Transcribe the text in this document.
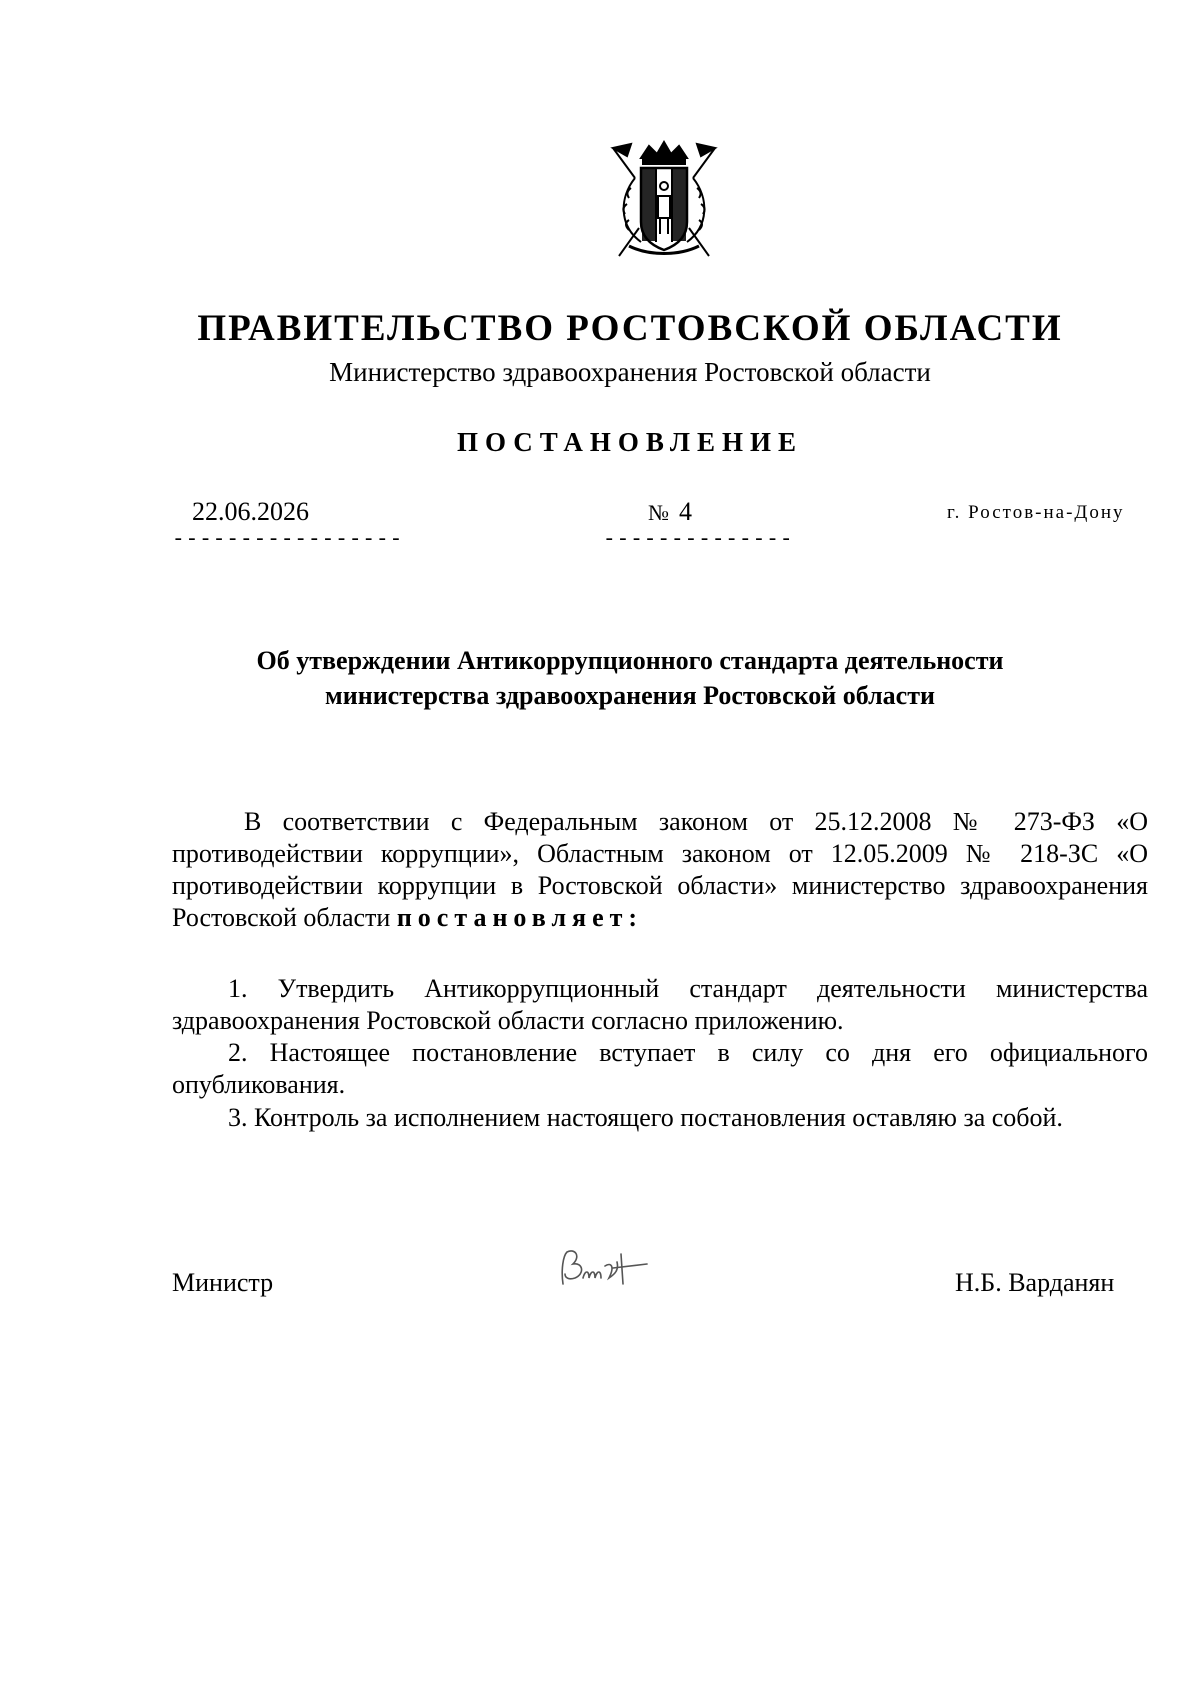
ПРАВИТЕЛЬСТВО РОСТОВСКОЙ ОБЛАСТИ
Министерство здравоохранения Ростовской области
ПОСТАНОВЛЕНИЕ
22.06.2026
-----------------
№ 4
--------------
г. Ростов-на-Дону
Об утверждении Антикоррупционного стандарта деятельности
министерства здравоохранения Ростовской области
В соответствии с Федеральным законом от 25.12.2008 № 273-ФЗ «О противодействии коррупции», Областным законом от 12.05.2009 № 218-ЗС «О противодействии коррупции в Ростовской области» министерство здравоохранения Ростовской области постановляет:
1. Утвердить Антикоррупционный стандарт деятельности министерства здравоохранения Ростовской области согласно приложению.
2. Настоящее постановление вступает в силу со дня его официального опубликования.
3. Контроль за исполнением настоящего постановления оставляю за собой.
Министр	Н.Б. Варданян
